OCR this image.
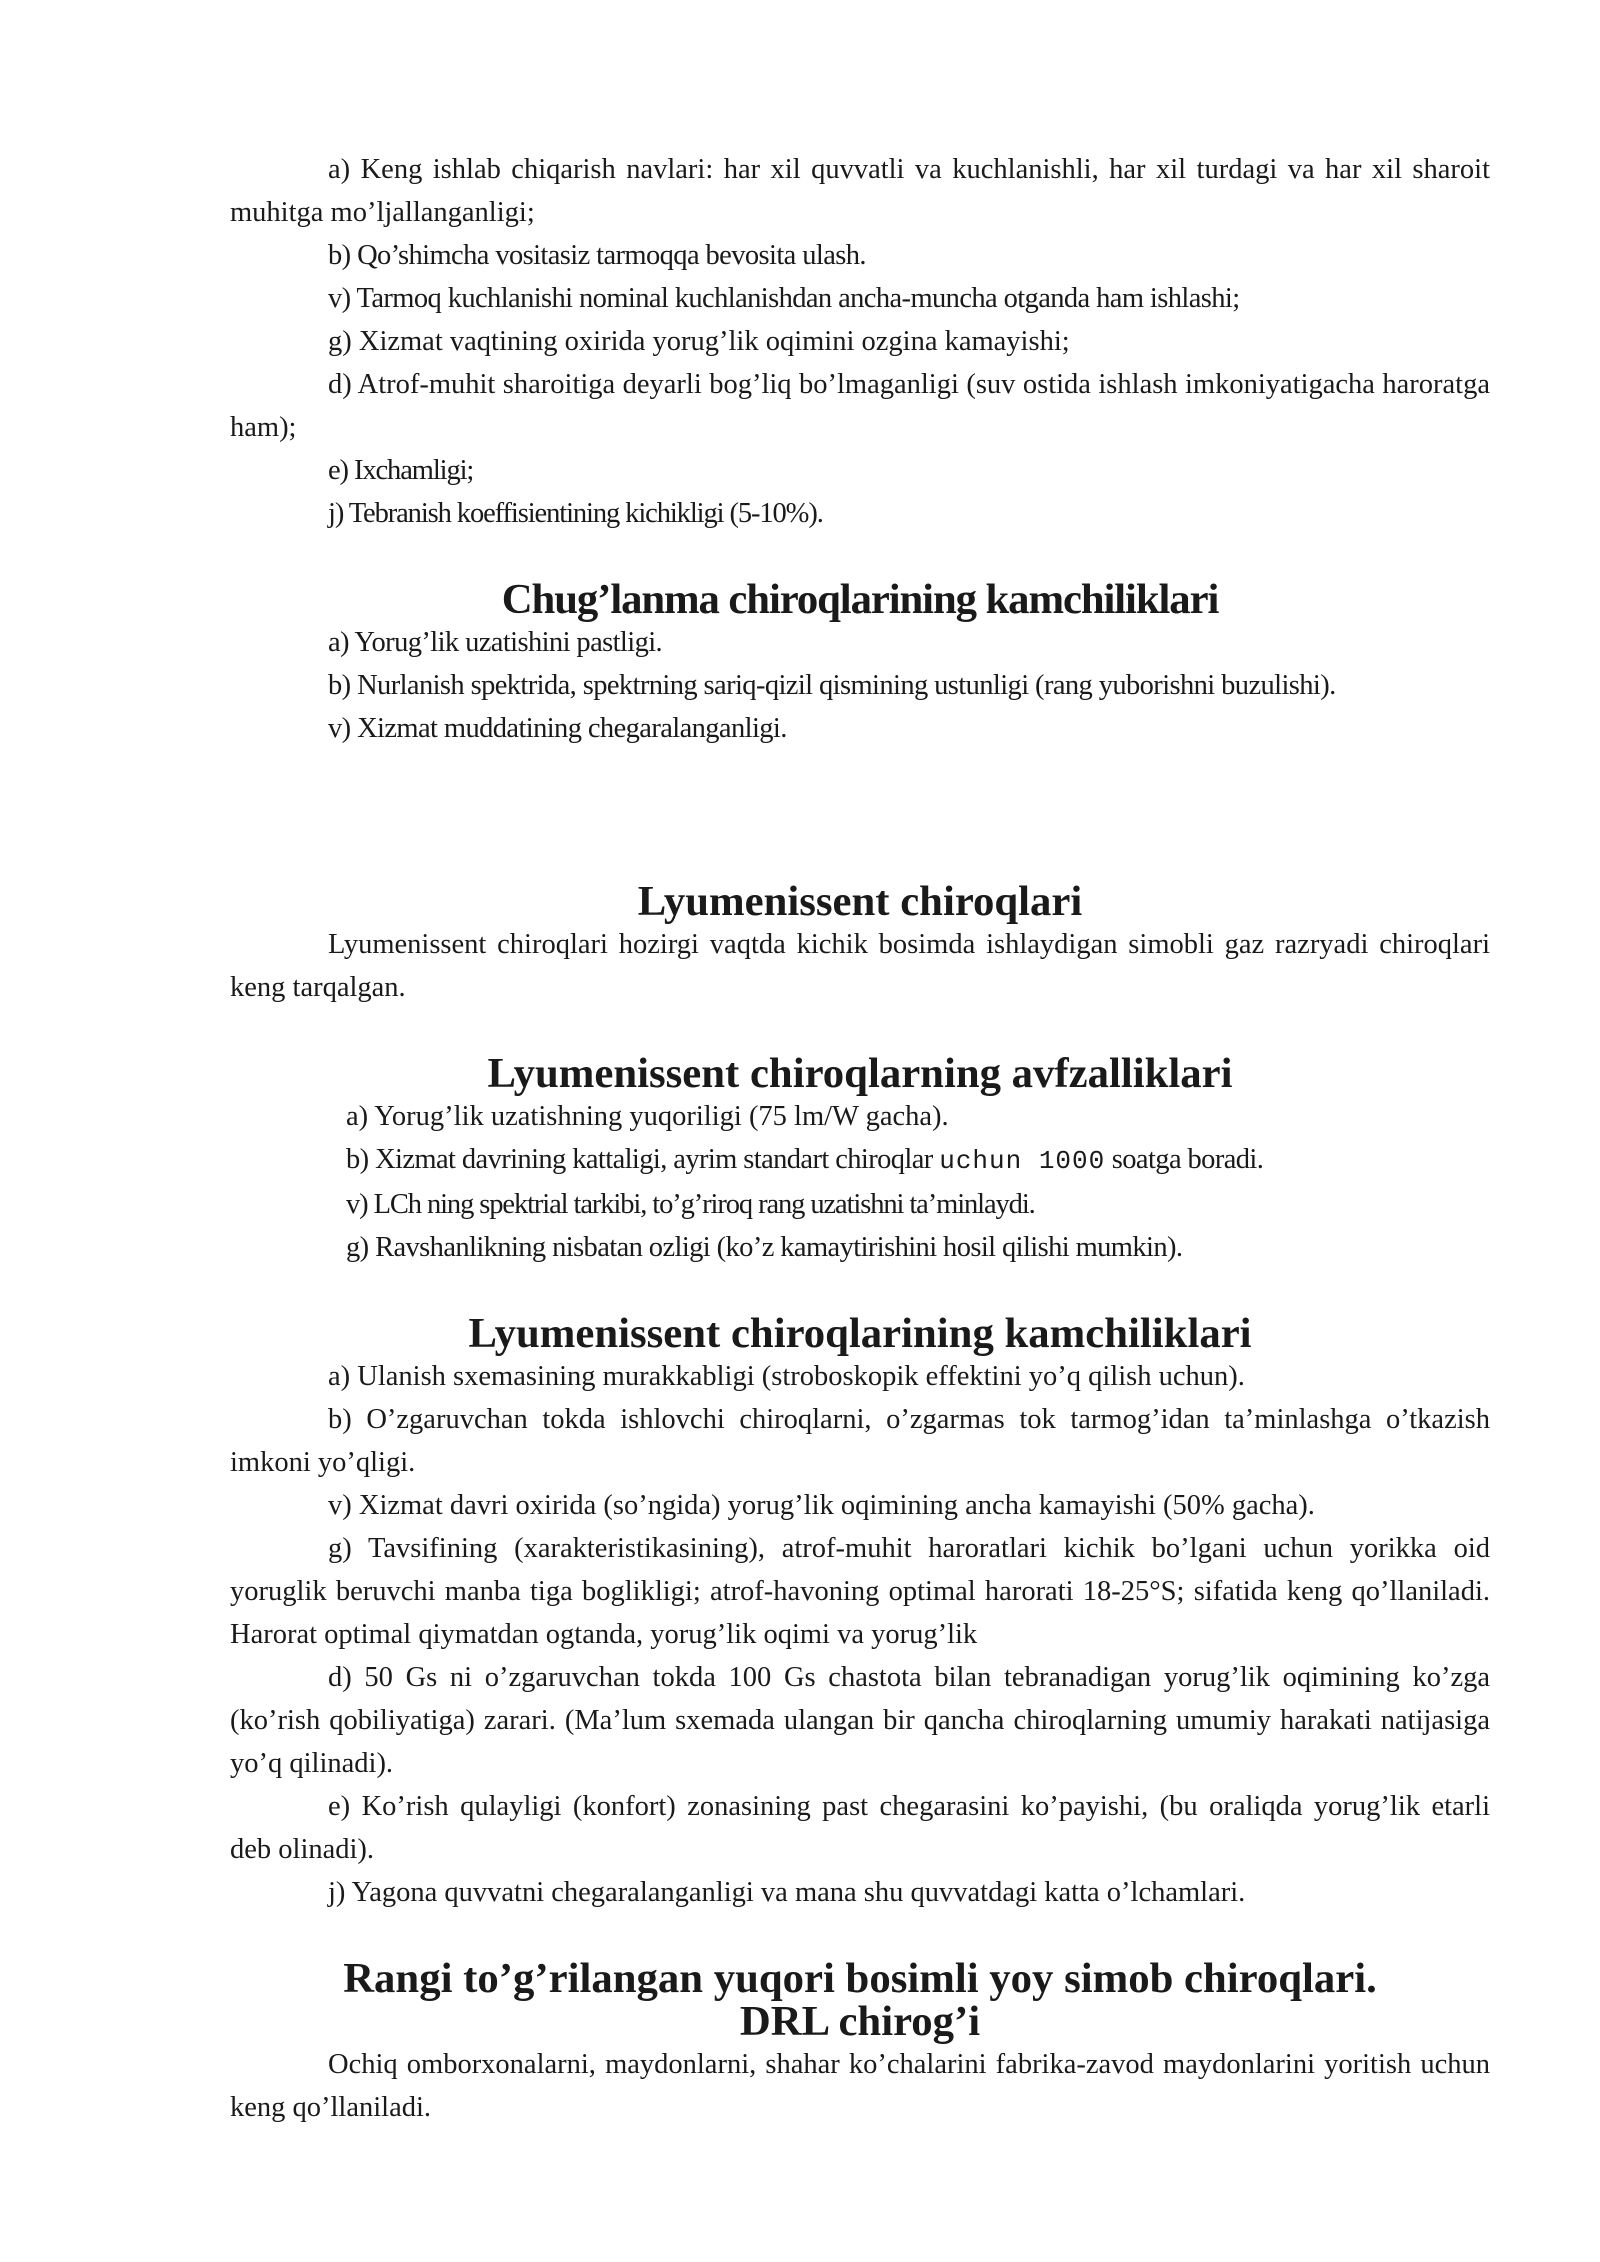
a) Keng ishlab chiqarish navlari: har xil quvvatli va kuchlanishli, har xil turdagi va har xil sharoit muhitga mo’ljallanganligi;

b) Qo’shimcha vositasiz tarmoqqa bevosita ulash.

v) Tarmoq kuchlanishi nominal kuchlanishdan ancha-muncha otganda ham ishlashi;

g) Xizmat vaqtining oxirida yorug’lik oqimini ozgina kamayishi;

d) Atrof-muhit sharoitiga deyarli bog’liq bo’lmaganligi (suv ostida ishlash imkoniyatigacha haroratga ham);

e) Ixchamligi;

j) Tebranish koeffisientining kichikligi (5-10%).

Chug’lanma chiroqlarining kamchiliklari

a) Yorug’lik uzatishini pastligi.

b) Nurlanish spektrida, spektrning sariq-qizil qismining ustunligi (rang yuborishni buzulishi).

v) Xizmat muddatining chegaralanganligi.

Lyumenissent chiroqlari

Lyumenissent chiroqlari hozirgi vaqtda kichik bosimda ishlaydigan simobli gaz razryadi chiroqlari keng tarqalgan.

Lyumenissent chiroqlarning avfzalliklari

a) Yorug’lik uzatishning yuqoriligi (75 lm/W gacha).

b) Xizmat davrining kattaligi, ayrim standart chiroqlar uchun 1000 soatga boradi.

v) LCh ning spektrial tarkibi, to’g’riroq rang uzatishni ta’minlaydi.

g) Ravshanlikning nisbatan ozligi (ko’z kamaytirishini hosil qilishi mumkin).

Lyumenissent chiroqlarining kamchiliklari

a) Ulanish sxemasining murakkabligi (stroboskopik effektini yo’q qilish uchun).

b) O’zgaruvchan tokda ishlovchi chiroqlarni, o’zgarmas tok tarmog’idan ta’minlashga o’tkazish imkoni yo’qligi.

v) Xizmat davri oxirida (so’ngida) yorug’lik oqimining ancha kamayishi (50% gacha).

g) Tavsifining (xarakteristikasining), atrof-muhit haroratlari kichik bo’lgani uchun yorikka oid yoruglik beruvchi manba tiga boglikligi; atrof-havoning optimal harorati 18-25°S; sifatida keng qo’llaniladi. Harorat optimal qiymatdan ogtanda, yorug’lik oqimi va yorug’lik

d) 50 Gs ni o’zgaruvchan tokda 100 Gs chastota bilan tebranadigan yorug’lik oqimining ko’zga (ko’rish qobiliyatiga) zarari. (Ma’lum sxemada ulangan bir qancha chiroqlarning umumiy harakati natijasiga yo’q qilinadi).

e) Ko’rish qulayligi (konfort) zonasining past chegarasini ko’payishi, (bu oraliqda yorug’lik etarli deb olinadi).

j) Yagona quvvatni chegaralanganligi va mana shu quvvatdagi katta o’lchamlari.

Rangi to’g’rilangan yuqori bosimli yoy simob chiroqlari.
DRL chirog’i

Ochiq omborxonalarni, maydonlarni, shahar ko’chalarini fabrika-zavod maydonlarini yoritish uchun keng qo’llaniladi.
